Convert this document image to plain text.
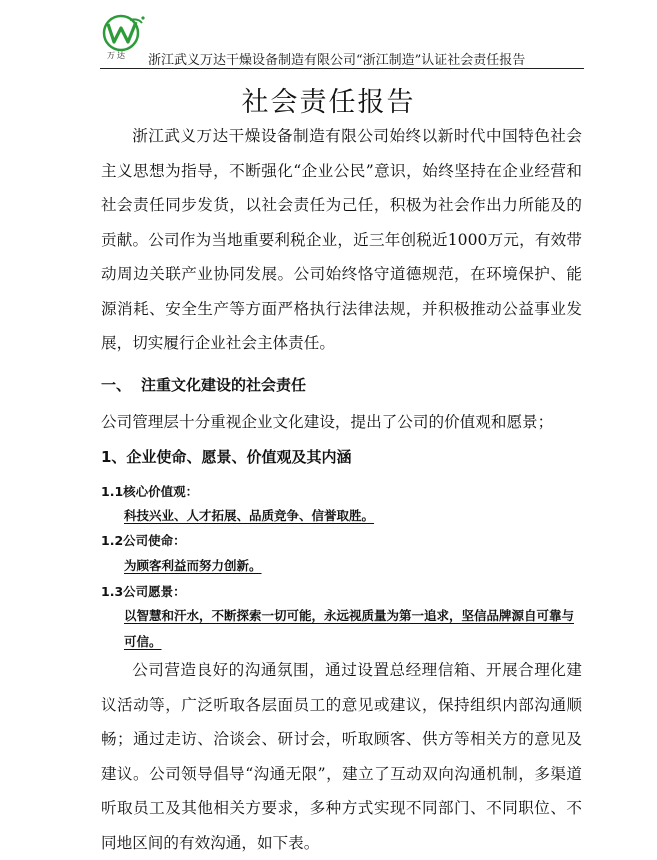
万达 浙江武义万达干燥设备制造有限公司“浙江制造”认证社会责任报告
社会责任报告
浙江武义万达干燥设备制造有限公司始终以新时代中国特色社会主义思想为指导，不断强化“企业公民”意识，始终坚持在企业经营和社会责任同步发货，以社会责任为己任，积极为社会作出力所能及的贡献。公司作为当地重要利税企业，近三年创税近1000万元，有效带动周边关联产业协同发展。公司始终恪守道德规范，在环境保护、能源消耗、安全生产等方面严格执行法律法规，并积极推动公益事业发展，切实履行企业社会主体责任。
一、 注重文化建设的社会责任
公司管理层十分重视企业文化建设，提出了公司的价值观和愿景；
1、企业使命、愿景、价值观及其内涵
1.1核心价值观：
科技兴业、人才拓展、品质竞争、信誉取胜。
1.2公司使命：
为顾客利益而努力创新。
1.3公司愿景：
以智慧和汗水，不断探索一切可能，永远视质量为第一追求，坚信品牌源自可靠与可信。
公司营造良好的沟通氛围，通过设置总经理信箱、开展合理化建议活动等，广泛听取各层面员工的意见或建议，保持组织内部沟通顺畅；通过走访、洽谈会、研讨会，听取顾客、供方等相关方的意见及建议。公司领导倡导“沟通无限”，建立了互动双向沟通机制，多渠道听取员工及其他相关方要求，多种方式实现不同部门、不同职位、不同地区间的有效沟通，如下表。
